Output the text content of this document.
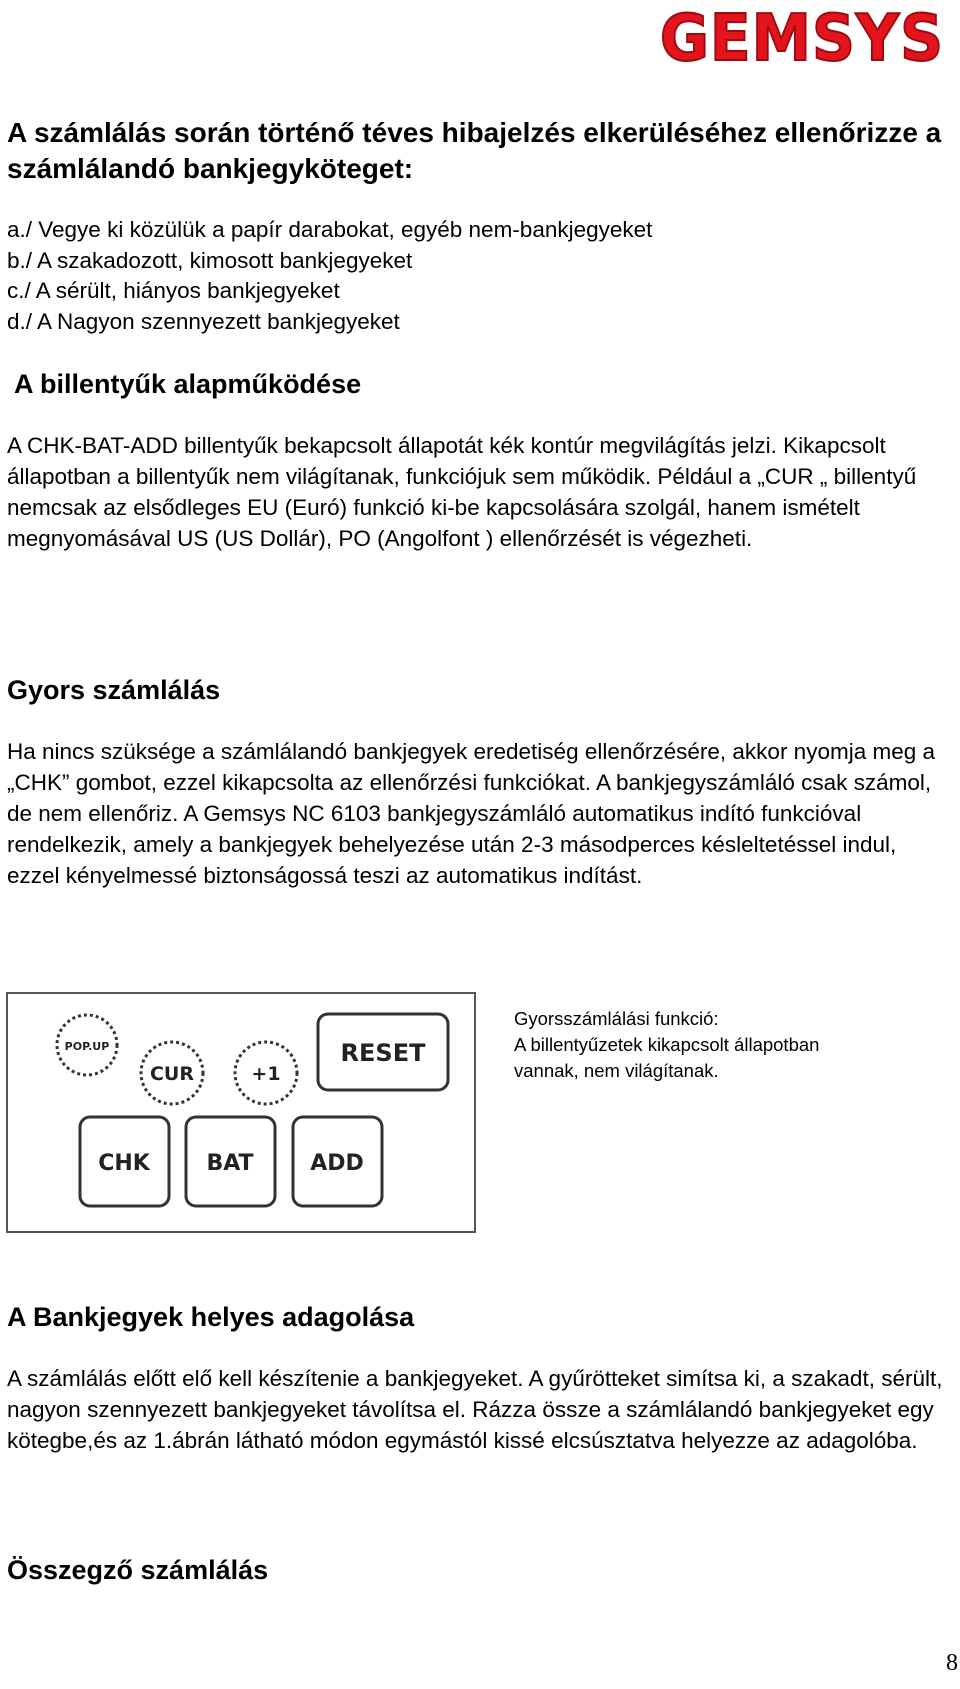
GEMSYS

A számlálás során történő téves hibajelzés elkerüléséhez ellenőrizze a számlálandó bankjegyköteget:

a./ Vegye ki közülük a papír darabokat, egyéb nem-bankjegyeket
b./ A szakadozott, kimosott bankjegyeket
c./ A sérült, hiányos bankjegyeket
d./ A Nagyon szennyezett bankjegyeket

A billentyűk alapműködése

A CHK-BAT-ADD billentyűk bekapcsolt állapotát kék kontúr megvilágítás jelzi. Kikapcsolt állapotban a billentyűk nem világítanak, funkciójuk sem működik. Például a „CUR „ billentyű nemcsak az elsődleges EU (Euró) funkció ki-be kapcsolására szolgál, hanem ismételt megnyomásával US (US Dollár), PO (Angolfont ) ellenőrzését is végezheti.

Gyors számlálás

Ha nincs szüksége a számlálandó bankjegyek eredetiség ellenőrzésére, akkor nyomja meg a „CHK” gombot, ezzel kikapcsolta az ellenőrzési funkciókat. A bankjegyszámláló csak számol, de nem ellenőriz. A Gemsys NC 6103 bankjegyszámláló automatikus indító funkcióval rendelkezik, amely a bankjegyek behelyezése után 2-3 másodperces késleltetéssel indul, ezzel kényelmessé biztonságossá teszi az automatikus indítást.

POP.UP
CUR	+1
RESET
CHK	BAT	ADD
Gyorsszámlálási funkció:
A billentyűzetek kikapcsolt állapotban
vannak, nem világítanak.

A Bankjegyek helyes adagolása

A számlálás előtt elő kell készítenie a bankjegyeket. A gyűrötteket simítsa ki, a szakadt, sérült, nagyon szennyezett bankjegyeket távolítsa el. Rázza össze a számlálandó bankjegyeket egy kötegbe,és az 1.ábrán látható módon egymástól kissé elcsúsztatva helyezze az adagolóba.

Összegző számlálás

8
